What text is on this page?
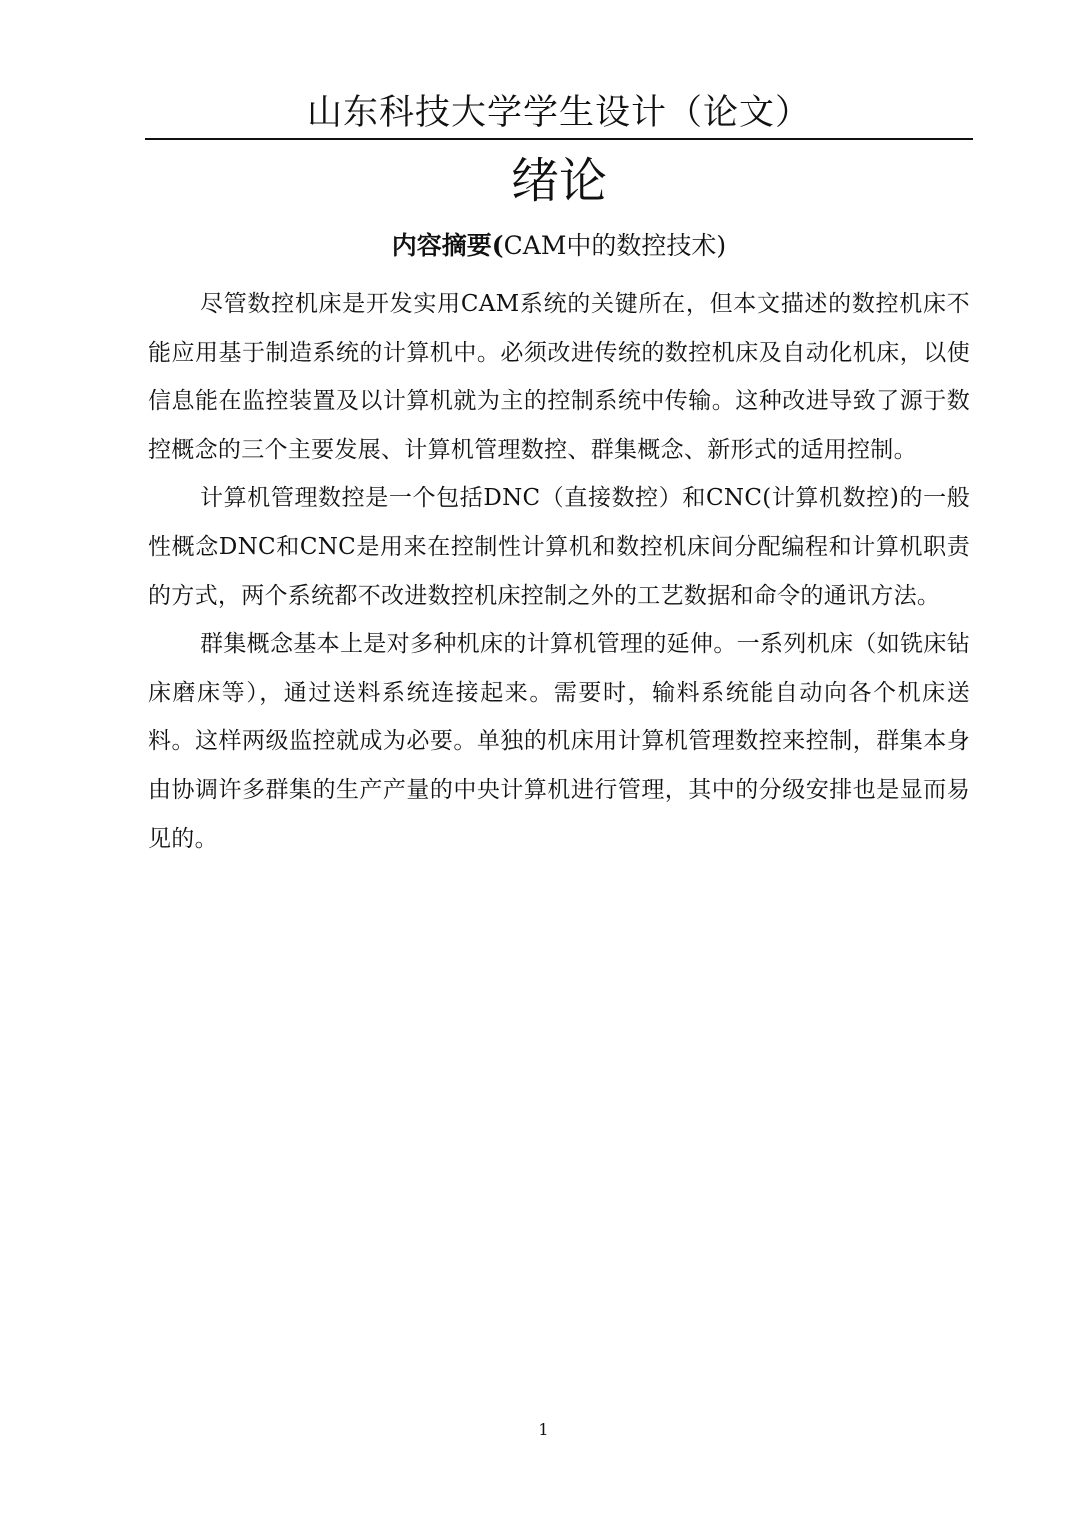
山东科技大学学生设计（论文）
绪论
内容摘要(CAM中的数控技术)

尽管数控机床是开发实用CAM系统的关键所在，但本文描述的数控机床不能应用基于制造系统的计算机中。必须改进传统的数控机床及自动化机床，以使信息能在监控装置及以计算机就为主的控制系统中传输。这种改进导致了源于数控概念的三个主要发展、计算机管理数控、群集概念、新形式的适用控制。

计算机管理数控是一个包括DNC（直接数控）和CNC(计算机数控)的一般性概念DNC和CNC是用来在控制性计算机和数控机床间分配编程和计算机职责的方式，两个系统都不改进数控机床控制之外的工艺数据和命令的通讯方法。

群集概念基本上是对多种机床的计算机管理的延伸。一系列机床（如铣床钻床磨床等），通过送料系统连接起来。需要时，输料系统能自动向各个机床送料。这样两级监控就成为必要。单独的机床用计算机管理数控来控制，群集本身由协调许多群集的生产产量的中央计算机进行管理，其中的分级安排也是显而易见的。

1
